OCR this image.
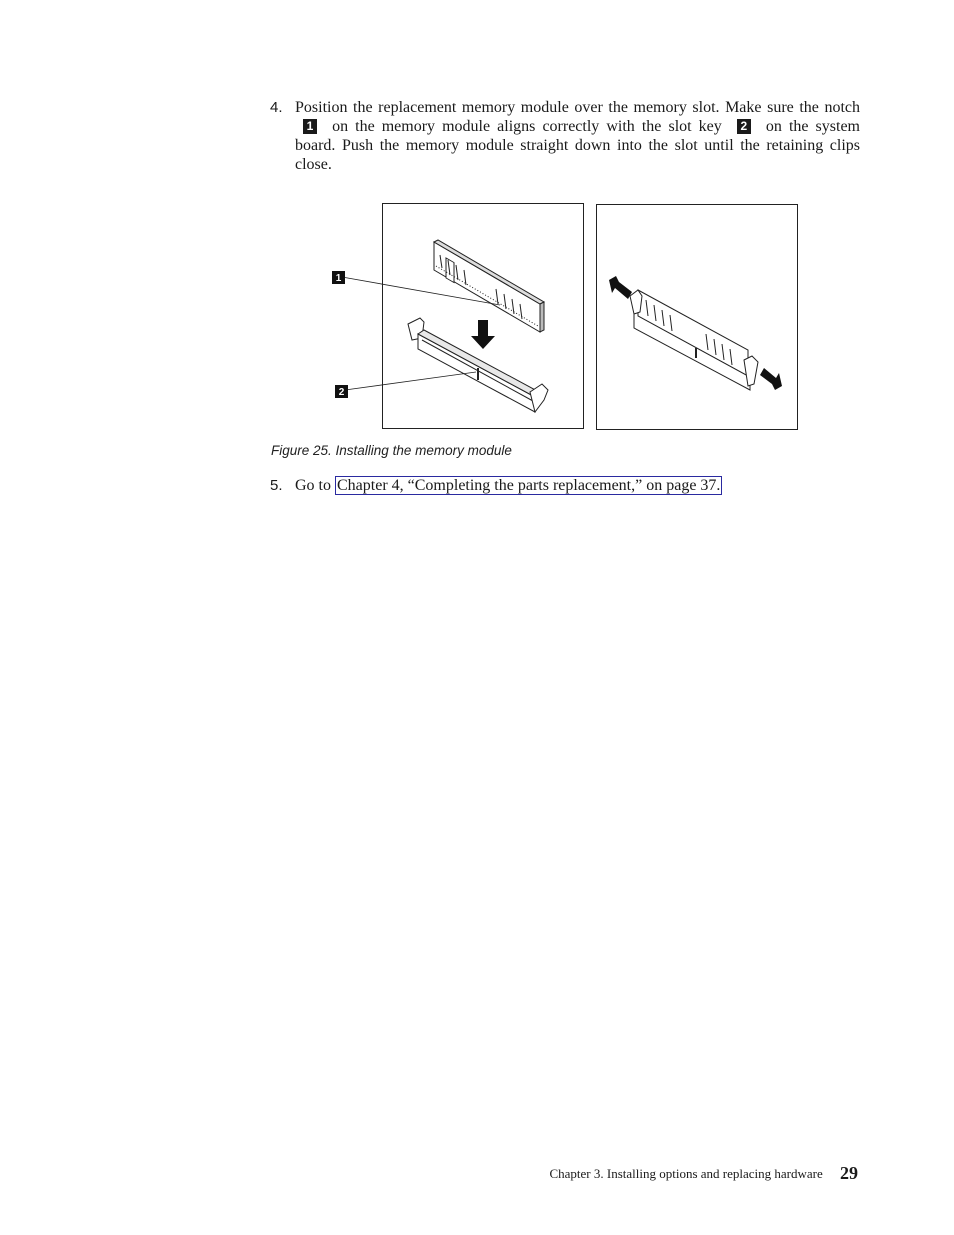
4. Position the replacement memory module over the memory slot. Make sure the notch 1 on the memory module aligns correctly with the slot key 2 on the system board. Push the memory module straight down into the slot until the retaining clips close.
1
2
Figure 25. Installing the memory module
5. Go to Chapter 4, “Completing the parts replacement,” on page 37.
Chapter 3. Installing options and replacing hardware 29
